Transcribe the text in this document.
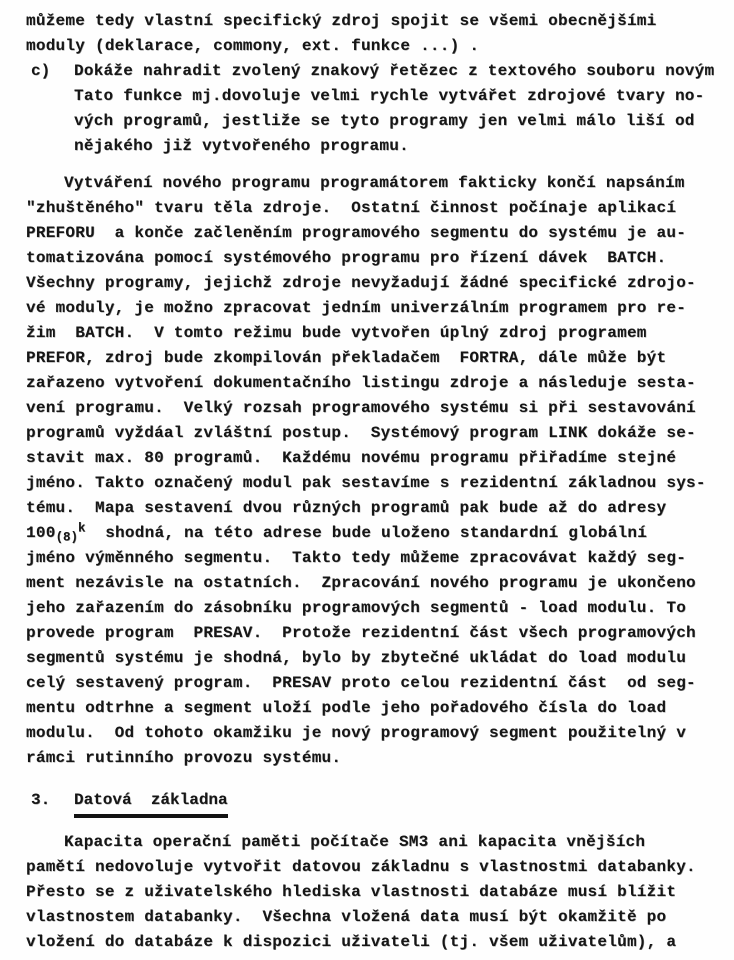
můžeme tedy vlastní specifický zdroj spojit se všemi obecnějšími
moduly (deklarace, commony, ext. funkce ...) .
c)	Dokáže nahradit zvolený znakový řetězec z textového souboru novým
Tato funkce mj.dovoluje velmi rychle vytvářet zdrojové tvary no-
vých programů, jestliže se tyto programy jen velmi málo liší od
nějakého již vytvořeného programu.
Vytváření nového programu programátorem fakticky končí napsáním
"zhuštěného" tvaru těla zdroje.  Ostatní činnost počínaje aplikací
PREFORU  a konče začleněním programového segmentu do systému je au-
tomatizována pomocí systémového programu pro řízení dávek  BATCH.
Všechny programy, jejichž zdroje nevyžadují žádné specifické zdrojo-
vé moduly, je možno zpracovat jedním univerzálním programem pro re-
žim  BATCH.  V tomto režimu bude vytvořen úplný zdroj programem
PREFOR, zdroj bude zkompilován překladačem  FORTRA, dále může být
zařazeno vytvoření dokumentačního listingu zdroje a následuje sesta-
vení programu.  Velký rozsah programového systému si při sestavování
programů vyždáal zvláštní postup.  Systémový program LINK dokáže se-
stavit max. 80 programů.  Každému novému programu přiřadíme stejné
jméno. Takto označený modul pak sestavíme s rezidentní základnou sys-
tému.  Mapa sestavení dvou různých programů pak bude až do adresy
$100_{(8)}^k$  shodná, na této adrese bude uloženo standardní globální
jméno výměnného segmentu.  Takto tedy můžeme zpracovávat každý seg-
ment nezávisle na ostatních.  Zpracování nového programu je ukončeno
jeho zařazením do zásobníku programových segmentů - load modulu. To
provede program  PRESAV.  Protože rezidentní část všech programových
segmentů systému je shodná, bylo by zbytečné ukládat do load modulu
celý sestavený program.  PRESAV proto celou rezidentní část  od seg-
mentu odtrhne a segment uloží podle jeho pořadového čísla do load
modulu.  Od tohoto okamžiku je nový programový segment použitelný v
rámci rutinního provozu systému.
3.	Datová  základna
Kapacita operační paměti počítače SM3 ani kapacita vnějších
pamětí nedovoluje vytvořit datovou základnu s vlastnostmi databanky.
Přesto se z uživatelského hlediska vlastnosti databáze musí blížit
vlastnostem databanky.  Všechna vložená data musí být okamžitě po
vložení do databáze k dispozici uživateli (tj. všem uživatelům), a
